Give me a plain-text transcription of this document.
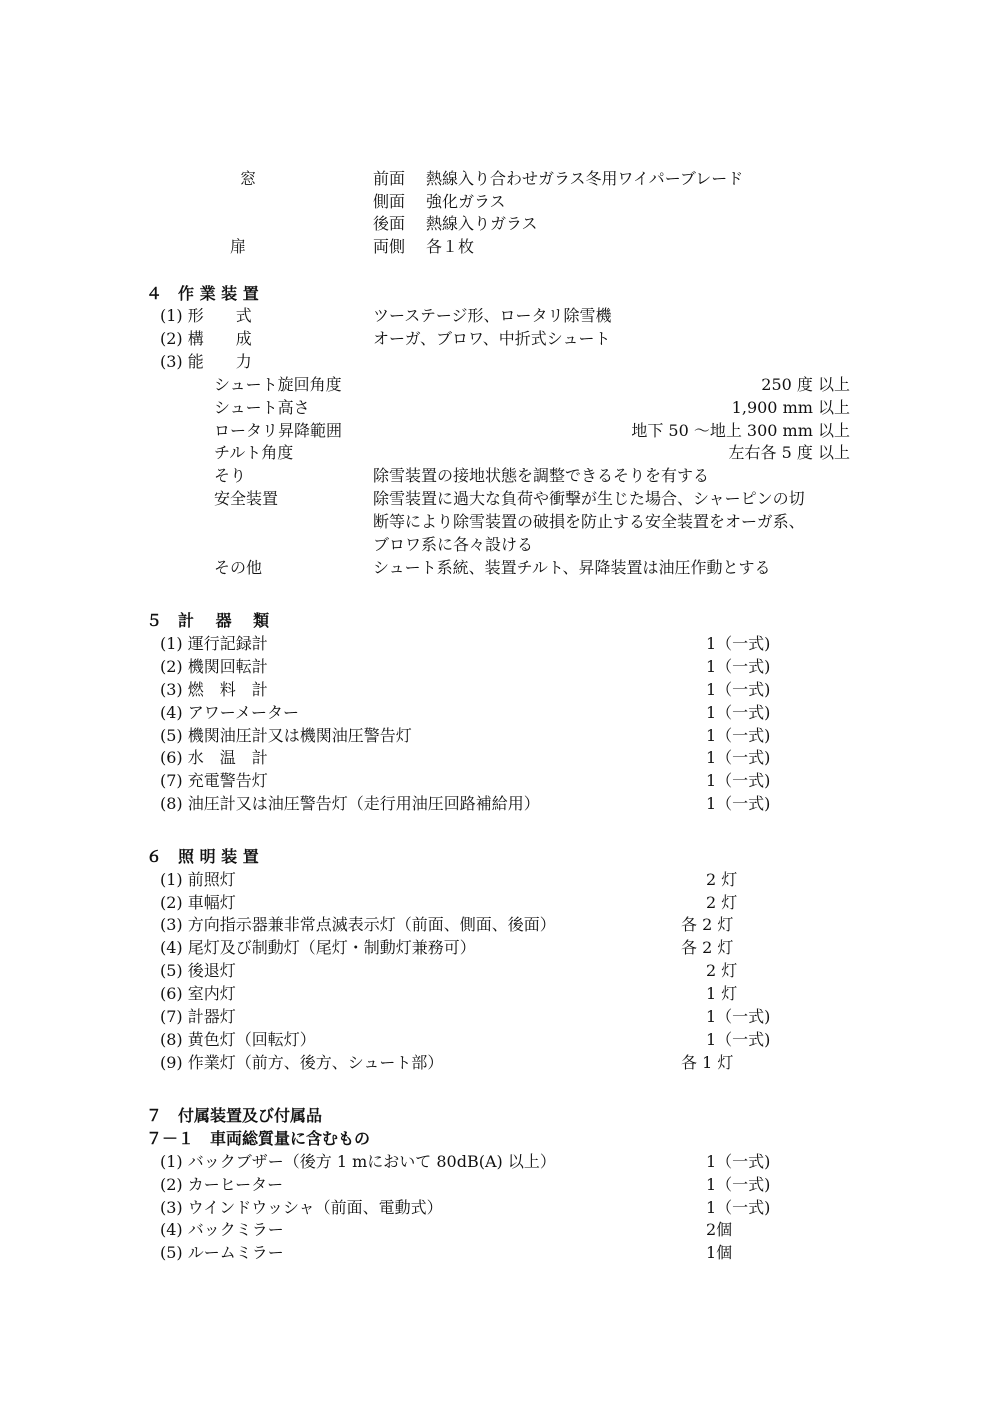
窓	前面 熱線入り合わせガラス冬用ワイパーブレード
側面 強化ガラス
後面 熱線入りガラス
扉	両側 各１枚
４　作 業 装 置
(1) 形　　式	ツーステージ形、ロータリ除雪機
(2) 構　　成	オーガ、ブロワ、中折式シュート
(3) 能　　力
シュート旋回角度	250 度 以上
シュート高さ	1,900 mm 以上
ロータリ昇降範囲	地下 50 ～地上 300 mm 以上
チルト角度	左右各 5 度 以上
そり	除雪装置の接地状態を調整できるそりを有する
安全装置	除雪装置に過大な負荷や衝撃が生じた場合、シャーピンの切
断等により除雪装置の破損を防止する安全装置をオーガ系、
ブロワ系に各々設ける
その他	シュート系統、装置チルト、昇降装置は油圧作動とする
５　計　 器　 類
(1) 運行記録計	1（一式)
(2) 機関回転計	1（一式)
(3) 燃　料　計	1（一式)
(4) アワーメーター	1（一式)
(5) 機関油圧計又は機関油圧警告灯	1（一式)
(6) 水　温　計	1（一式)
(7) 充電警告灯	1（一式)
(8) 油圧計又は油圧警告灯（走行用油圧回路補給用）	1（一式)
６　照 明 装 置
(1) 前照灯	2 灯
(2) 車幅灯	2 灯
(3) 方向指示器兼非常点滅表示灯（前面、側面、後面）	各 2 灯
(4) 尾灯及び制動灯（尾灯・制動灯兼務可）	各 2 灯
(5) 後退灯	2 灯
(6) 室内灯	1 灯
(7) 計器灯	1（一式)
(8) 黄色灯（回転灯）	1（一式)
(9) 作業灯（前方、後方、シュート部）	各 1 灯
７　付属装置及び付属品
７－１　車両総質量に含むもの
(1) バックブザー（後方 1 mにおいて 80dB(A) 以上）	1（一式)
(2) カーヒーター	1（一式)
(3) ウインドウッシャ（前面、電動式）	1（一式)
(4) バックミラー	2個
(5) ルームミラー	1個
